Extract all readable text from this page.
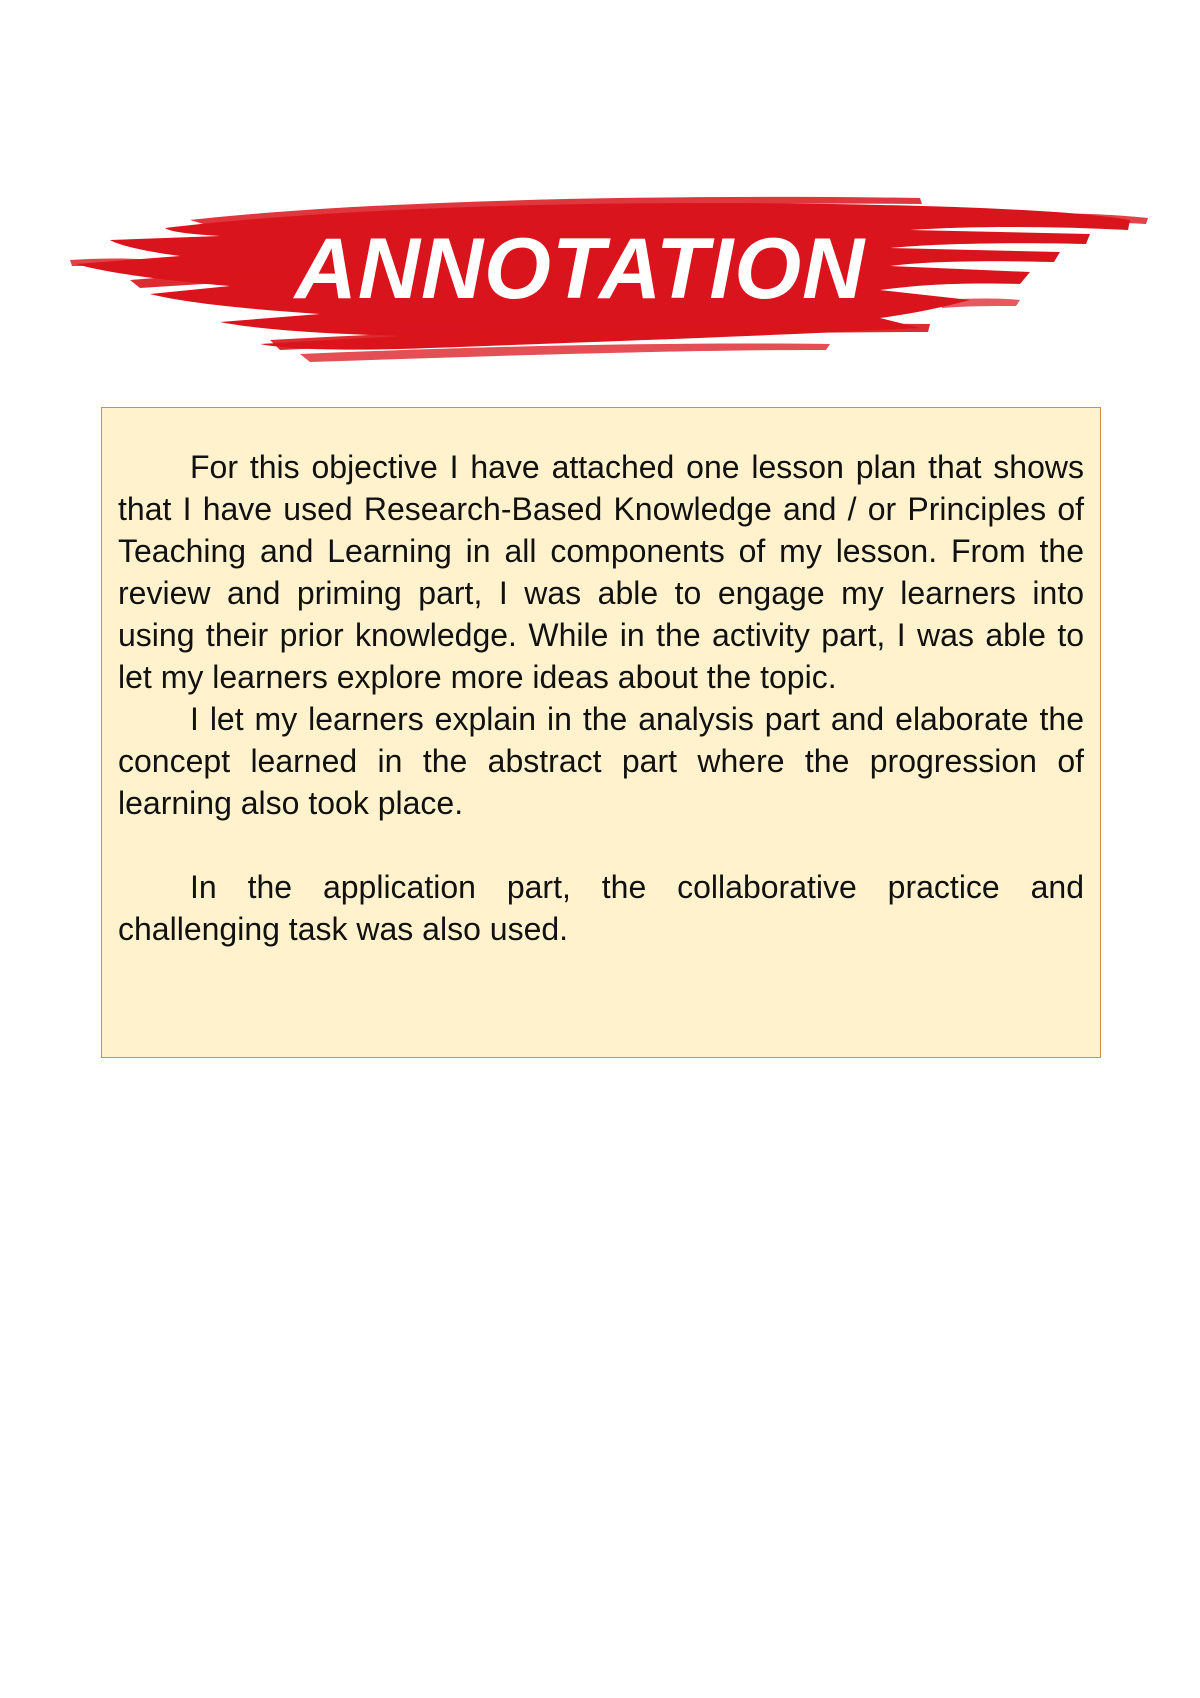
ANNOTATION

For this objective I have attached one lesson plan that shows that I have used Research-Based Knowledge and / or Principles of Teaching and Learning in all components of my lesson. From the review and priming part, I was able to engage my learners into using their prior knowledge. While in the activity part, I was able to let my learners explore more ideas about the topic.

I let my learners explain in the analysis part and elaborate the concept learned in the abstract part where the progression of learning also took place.

In the application part, the collaborative practice and challenging task was also used.
